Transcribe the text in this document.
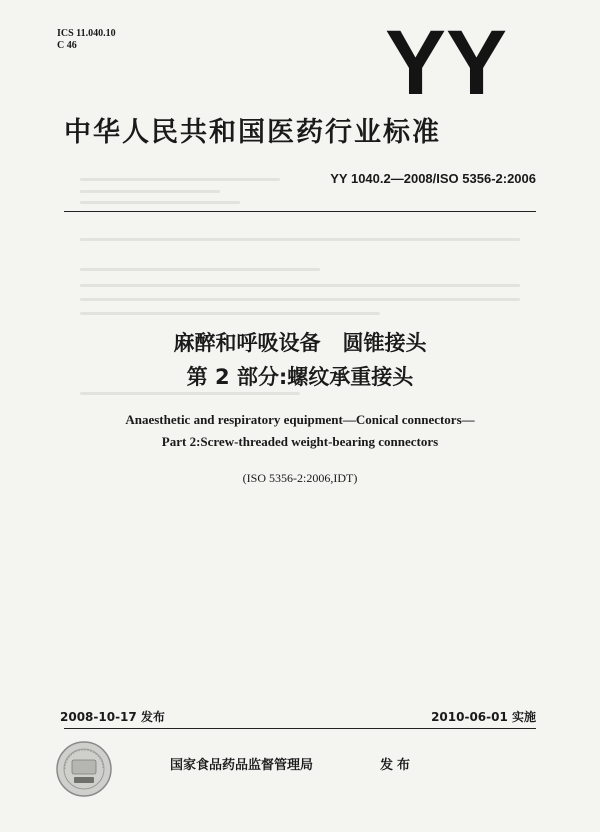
ICS 11.040.10
C 46	YY
中华人民共和国医药行业标准
YY 1040.2—2008/ISO 5356-2:2006
麻醉和呼吸设备 圆锥接头
第 2 部分:螺纹承重接头
Anaesthetic and respiratory equipment—Conical connectors—
Part 2:Screw-threaded weight-bearing connectors
(ISO 5356-2:2006,IDT)
2008-10-17 发布	2010-06-01 实施
国家食品药品监督管理局	发布
